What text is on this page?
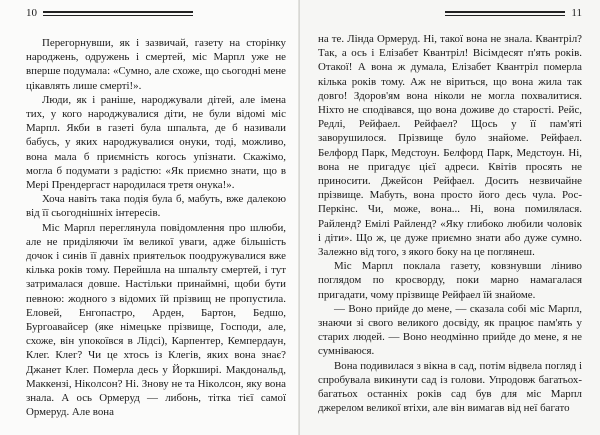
10

Перегорнувши, як і зазвичай, газету на сторінку народжень, одружень і смертей, міс Марпл уже не вперше подумала: «Сумно, але схоже, що сьогодні мене цікавлять лише смерті!».

Люди, як і раніше, народжували дітей, але імена тих, у кого народжувалися діти, не були відомі міс Марпл. Якби в газеті була шпальта, де б називали бабусь, у яких народжувалися онуки, тоді, можливо, вона мала б приємність когось упізнати. Скажімо, могла б подумати з радістю: «Як приємно знати, що в Мері Прендергаст народилася третя онука!».

Хоча навіть така подія була б, мабуть, вже далекою від її сьогоднішніх інтересів.

Міс Марпл переглянула повідомлення про шлюби, але не приділяючи їм великої уваги, адже більшість дочок і синів її давніх приятельок поодружувалися вже кілька років тому. Перейшла на шпальту смертей, і тут затрималася довше. Настільки принаймні, щоби бути певною: жодного з відомих їй прізвищ не пропустила. Еловей, Енгопастро, Арден, Бартон, Бедшо, Бургоавайсер (яке німецьке прізвище, Господи, але, схоже, він упокоївся в Лідсі), Карпентер, Кемпердаун, Клег. Клег? Чи це хтось із Клегів, яких вона знає? Джанет Клег. Померла десь у Йоркширі. Макдональд, Маккензі, Нікoлсон? Ні. Знову не та Нікoлсон, яку вона знала. А ось Ормеруд — либонь, тітка тієї самої Ормеруд. Але вона

11

на те. Лінда Ормеруд. Ні, такої вона не знала. Квантріл? Так, а ось і Елізабет Квантріл! Вісімдесят п'ять років. Отакої! А вона ж думала, Елізабет Квантріл померла кілька років тому. Аж не віриться, що вона жила так довго! Здоров'ям вона ніколи не могла похвалитися. Ніхто не сподівався, що вона доживе до старості. Рейс, Редлі, Рейфаел. Рейфаел? Щось у її пам'яті заворушилося. Прізвище було знайоме. Рейфаел. Белфорд Парк, Медстоун. Белфорд Парк, Медстоун. Ні, вона не пригадує цієї адреси. Квітів просять не приносити. Джейсон Рейфаел. Досить незвичайне прізвище. Мабуть, вона просто його десь чула. Рос-Перкінс. Чи, може, вона... Ні, вона помилялася. Райленд? Емілі Райленд? «Яку глибоко любили чоловік і діти». Що ж, це дуже приємно знати або дуже сумно. Залежно від того, з якого боку на це поглянеш.

Міс Марпл поклала газету, ковзнувши ліниво поглядом по кросворду, поки марно намагалася пригадати, чому прізвище Рейфаел їй знайоме.

— Воно прийде до мене, — сказала собі міс Марпл, знаючи зі свого великого досвіду, як працює пам'ять у старих людей. — Воно неодмінно прийде до мене, я не сумніваюся.

Вона подивилася з вікна в сад, потім відвела погляд і спробувала викинути сад із голови. Упродовж багатьох-багатьох останніх років сад був для міс Марпл джерелом великої втіхи, але він вимагав від неї багато
